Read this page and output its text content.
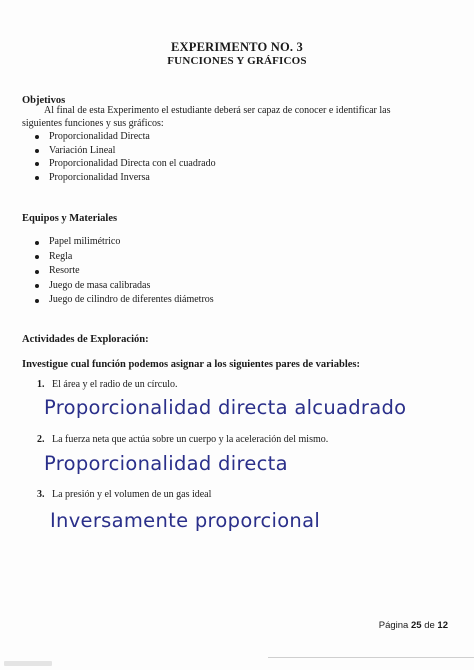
EXPERIMENTO NO. 3
FUNCIONES Y GRÁFICOS
Objetivos
Al final de esta Experimento el estudiante deberá ser capaz de conocer e identificar las
siguientes funciones y sus gráficos:
Proporcionalidad Directa
Variación Lineal
Proporcionalidad Directa con el cuadrado
Proporcionalidad Inversa
Equipos y Materiales
Papel milimétrico
Regla
Resorte
Juego de masa calibradas
Juego de cilindro de diferentes diámetros
Actividades de Exploración:
Investigue cual función podemos asignar a los siguientes pares de variables:
1. El área y el radio de un círculo.
Proporcionalidad directa alcuadrado
2. La fuerza neta que actúa sobre un cuerpo y la aceleración del mismo.
Proporcionalidad directa
3. La presión y el volumen de un gas ideal
Inversamente proporcional
Página 25 de 12
